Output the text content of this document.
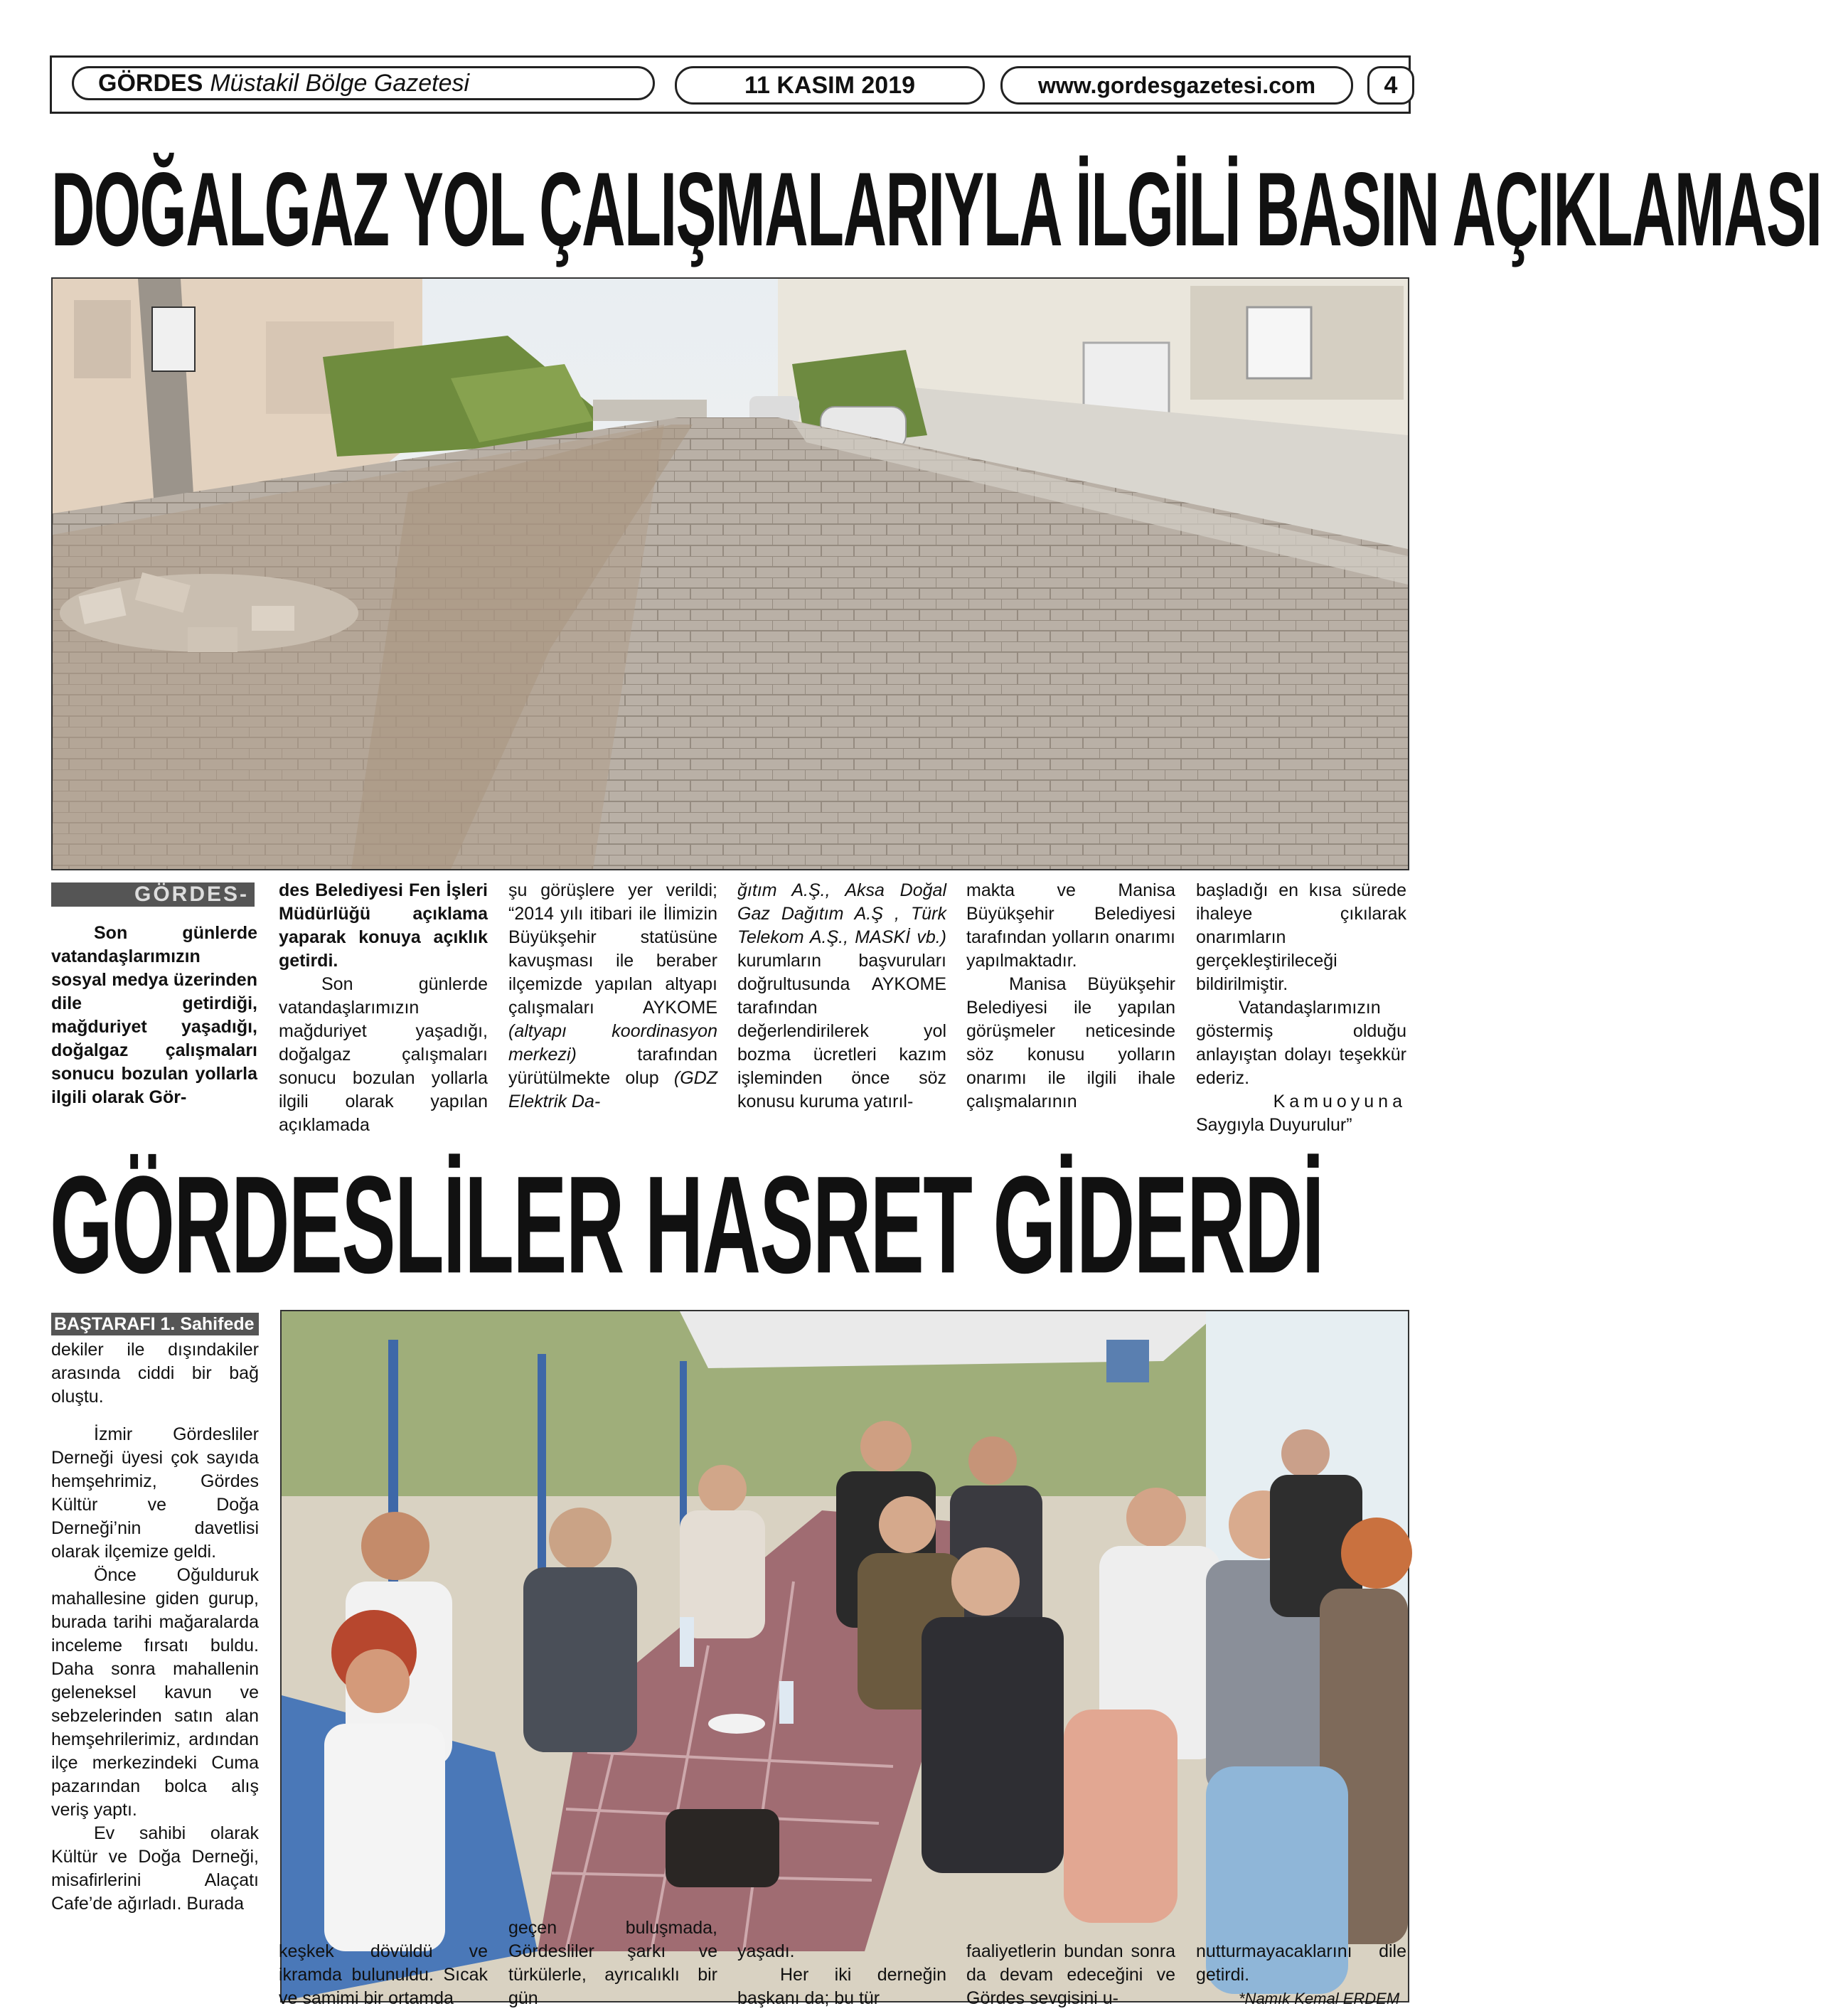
GÖRDES Müstakil Bölge Gazetesi	11 KASIM 2019	www.gordesgazetesi.com	4
DOĞALGAZ YOL ÇALIŞMALARIYLA İLGİLİ BASIN AÇIKLAMASI
GÖRDES-

Son günlerde vatandaşlarımızın sosyal medya üzerinden dile getirdiği, mağduriyet yaşadığı, doğalgaz çalışmaları sonucu bozulan yollarla ilgili olarak Gör-

des Belediyesi Fen İşleri Müdürlüğü açıklama yaparak konuya açıklık getirdi.

Son günlerde vatandaşlarımızın mağduriyet yaşadığı, doğalgaz çalışmaları sonucu bozulan yollarla ilgili olarak yapılan açıklamada

şu görüşlere yer verildi; “2014 yılı itibari ile İlimizin Büyükşehir statüsüne kavuşması ile beraber ilçemizde yapılan altyapı çalışmaları AYKOME (altyapı koordinasyon merkezi)	tarafından yürütülmekte olup (GDZ Elektrik Da-

ğıtım A.Ş., Aksa Doğal Gaz Dağıtım A.Ş , Türk Telekom A.Ş., MASKİ vb.) kurumların başvuruları doğrultusunda AYKOME tarafından değerlendirilerek yol bozma ücretleri kazım işleminden önce söz konusu kuruma yatırıl-

makta ve Manisa Büyükşehir Belediyesi tarafından yolların onarımı yapılmaktadır.

Manisa Büyükşehir Belediyesi ile yapılan görüşmeler neticesinde söz konusu yolların onarımı ile ilgili ihale çalışmalarının

başladığı en kısa sürede ihaleye çıkılarak onarımların gerçekleştirileceği bildirilmiştir.

Vatandaşlarımızın göstermiş olduğu anlayıştan dolayı teşekkür ederiz.

Kamuoyuna

Saygıyla Duyurulur”

GÖRDESLİLER HASRET GİDERDİ
BAŞTARAFI 1. Sahifede

dekiler ile dışındakiler arasında ciddi bir bağ oluştu.

İzmir Gördesliler Derneği üyesi çok sayıda hemşehrimiz, Gördes Kültür ve Doğa Derneği’nin davetlisi olarak ilçemize geldi.

Önce Oğulduruk mahallesine giden gurup, burada tarihi mağaralarda inceleme fırsatı buldu. Daha sonra mahallenin geleneksel kavun ve sebzelerinden satın alan hemşehrilerimiz, ardından ilçe merkezindeki Cuma pazarından bolca alış veriş yaptı.

Ev sahibi olarak Kültür ve Doğa Derneği, misafirlerini Alaçatı Cafe’de ağırladı. Burada

keşkek dövüldü ve ikramda bulunuldu. Sıcak ve samimi bir ortamda

geçen buluşmada, Gördesliler şarkı ve türkülerle, ayrıcalıklı bir gün

yaşadı.

Her iki derneğin başkanı da; bu tür

faaliyetlerin bundan sonra da devam edeceğini ve Gördes sevgisini u-

nutturmayacaklarını dile getirdi.

*Namık Kemal ERDEM
